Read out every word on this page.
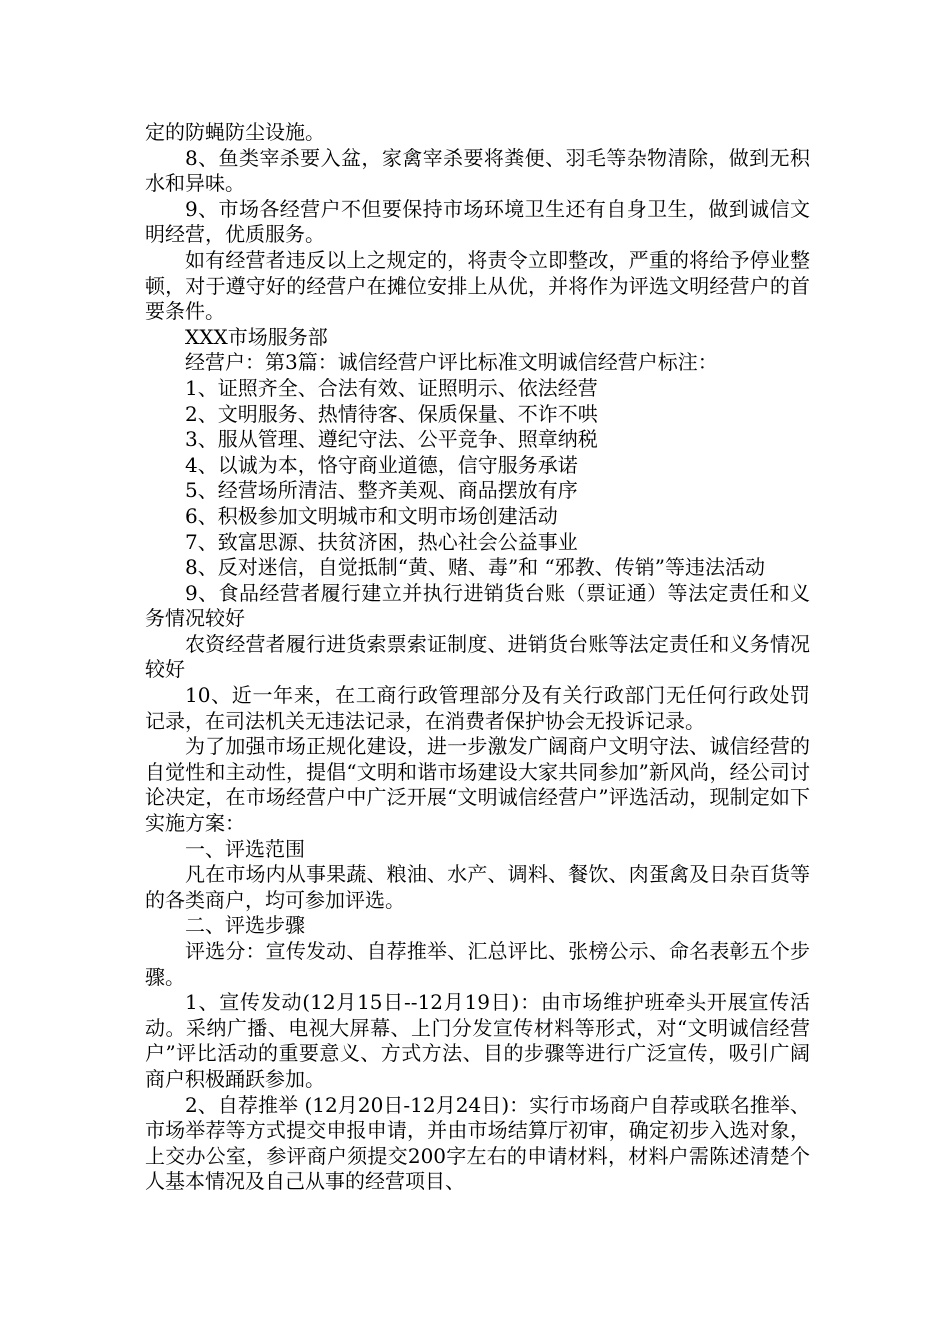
定的防蝇防尘设施。

8、鱼类宰杀要入盆，家禽宰杀要将粪便、羽毛等杂物清除，做到无积水和异味。

9、市场各经营户不但要保持市场环境卫生还有自身卫生，做到诚信文明经营，优质服务。

如有经营者违反以上之规定的，将责令立即整改，严重的将给予停业整顿，对于遵守好的经营户在摊位安排上从优，并将作为评选文明经营户的首要条件。

XXX市场服务部

经营户：第3篇：诚信经营户评比标准文明诚信经营户标注：

1、证照齐全、合法有效、证照明示、依法经营

2、文明服务、热情待客、保质保量、不诈不哄

3、服从管理、遵纪守法、公平竞争、照章纳税

4、以诚为本，恪守商业道德，信守服务承诺

5、经营场所清洁、整齐美观、商品摆放有序

6、积极参加文明城市和文明市场创建活动

7、致富思源、扶贫济困，热心社会公益事业

8、反对迷信，自觉抵制“黄、赌、毒”和 “邪教、传销”等违法活动

9、食品经营者履行建立并执行进销货台账（票证通）等法定责任和义务情况较好

农资经营者履行进货索票索证制度、进销货台账等法定责任和义务情况较好

10、近一年来，在工商行政管理部分及有关行政部门无任何行政处罚记录，在司法机关无违法记录，在消费者保护协会无投诉记录。

为了加强市场正规化建设，进一步激发广阔商户文明守法、诚信经营的自觉性和主动性，提倡“文明和谐市场建设大家共同参加”新风尚，经公司讨论决定，在市场经营户中广泛开展“文明诚信经营户”评选活动，现制定如下实施方案：

一、评选范围

凡在市场内从事果蔬、粮油、水产、调料、餐饮、肉蛋禽及日杂百货等的各类商户，均可参加评选。

二、评选步骤

评选分：宣传发动、自荐推举、汇总评比、张榜公示、命名表彰五个步骤。

1、宣传发动(12月15日--12月19日)：由市场维护班牵头开展宣传活动。采纳广播、电视大屏幕、上门分发宣传材料等形式，对“文明诚信经营户”评比活动的重要意义、方式方法、目的步骤等进行广泛宣传，吸引广阔商户积极踊跃参加。

2、自荐推举 (12月20日-12月24日)：实行市场商户自荐或联名推举、市场举荐等方式提交申报申请，并由市场结算厅初审，确定初步入选对象，上交办公室，参评商户须提交200字左右的申请材料，材料户需陈述清楚个人基本情况及自己从事的经营项目、
